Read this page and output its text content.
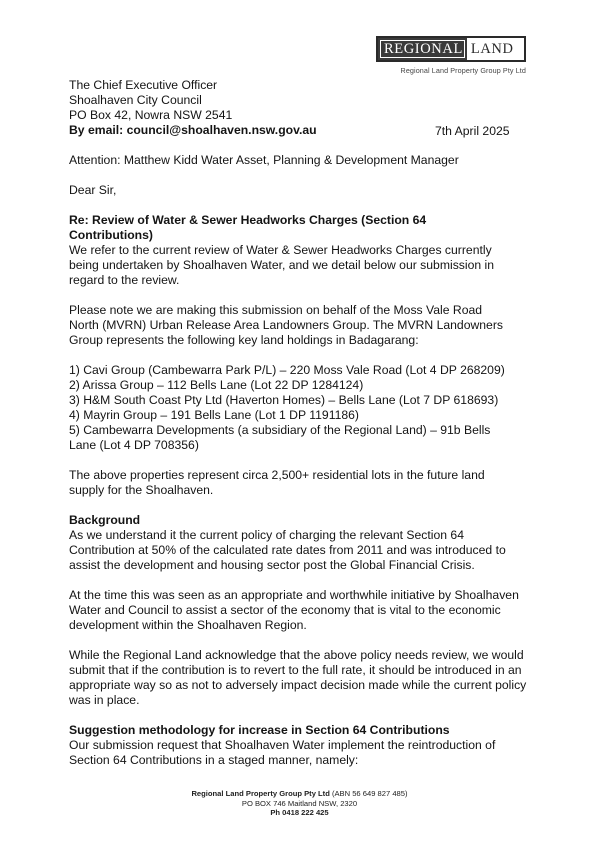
REGIONAL LAND
Regional Land Property Group Pty Ltd
7th April 2025
The Chief Executive Officer
Shoalhaven City Council
PO Box 42, Nowra NSW 2541
By email: council@shoalhaven.nsw.gov.au
Attention: Matthew Kidd Water Asset, Planning & Development Manager
Dear Sir,
Re: Review of Water & Sewer Headworks Charges (Section 64
Contributions)
We refer to the current review of Water & Sewer Headworks Charges currently
being undertaken by Shoalhaven Water, and we detail below our submission in
regard to the review.
Please note we are making this submission on behalf of the Moss Vale Road
North (MVRN) Urban Release Area Landowners Group. The MVRN Landowners
Group represents the following key land holdings in Badagarang:
1) Cavi Group (Cambewarra Park P/L) – 220 Moss Vale Road (Lot 4 DP 268209)
2) Arissa Group – 112 Bells Lane (Lot 22 DP 1284124)
3) H&M South Coast Pty Ltd (Haverton Homes) – Bells Lane (Lot 7 DP 618693)
4) Mayrin Group – 191 Bells Lane (Lot 1 DP 1191186)
5) Cambewarra Developments (a subsidiary of the Regional Land) – 91b Bells
Lane (Lot 4 DP 708356)
The above properties represent circa 2,500+ residential lots in the future land
supply for the Shoalhaven.
Background
As we understand it the current policy of charging the relevant Section 64
Contribution at 50% of the calculated rate dates from 2011 and was introduced to
assist the development and housing sector post the Global Financial Crisis.
At the time this was seen as an appropriate and worthwhile initiative by Shoalhaven
Water and Council to assist a sector of the economy that is vital to the economic
development within the Shoalhaven Region.
While the Regional Land acknowledge that the above policy needs review, we would
submit that if the contribution is to revert to the full rate, it should be introduced in an
appropriate way so as not to adversely impact decision made while the current policy
was in place.
Suggestion methodology for increase in Section 64 Contributions
Our submission request that Shoalhaven Water implement the reintroduction of
Section 64 Contributions in a staged manner, namely:
Regional Land Property Group Pty Ltd (ABN 56 649 827 485)
PO BOX 746 Maitland NSW, 2320
Ph 0418 222 425
